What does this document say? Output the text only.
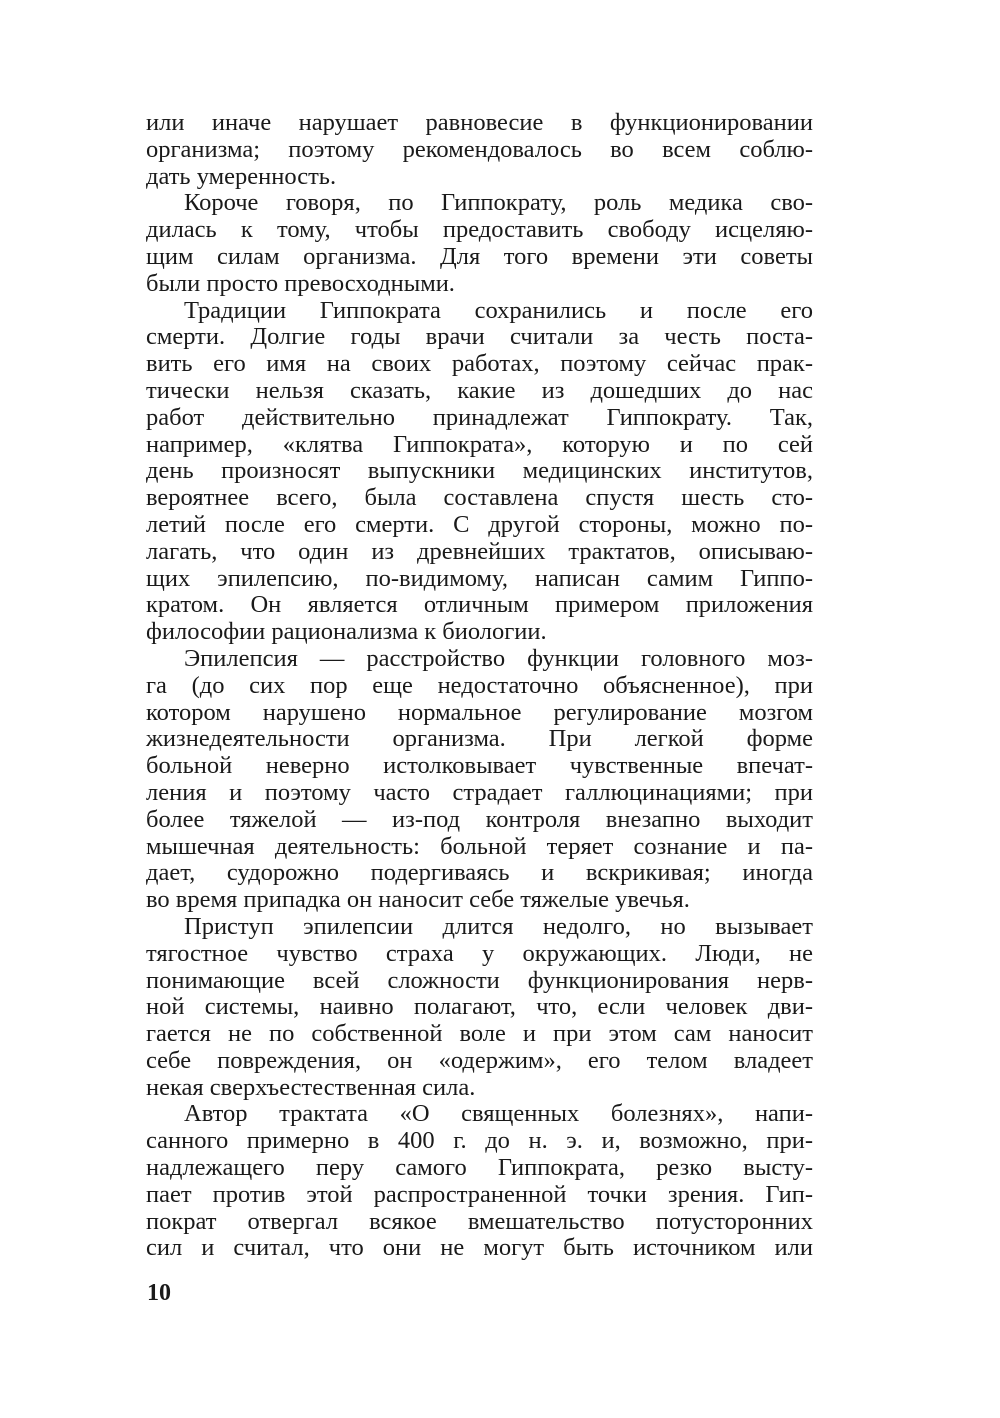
или иначе нарушает равновесие в функционировании
организма; поэтому рекомендовалось во всем соблю-
дать умеренность.
Короче говоря, по Гиппократу, роль медика сво-
дилась к тому, чтобы предоставить свободу исцеляю-
щим силам организма. Для того времени эти советы
были просто превосходными.
Традиции Гиппократа сохранились и после его
смерти. Долгие годы врачи считали за честь поста-
вить его имя на своих работах, поэтому сейчас прак-
тически нельзя сказать, какие из дошедших до нас
работ действительно принадлежат Гиппократу. Так,
например, «клятва Гиппократа», которую и по сей
день произносят выпускники медицинских институтов,
вероятнее всего, была составлена спустя шесть сто-
летий после его смерти. С другой стороны, можно по-
лагать, что один из древнейших трактатов, описываю-
щих эпилепсию, по-видимому, написан самим Гиппо-
кратом. Он является отличным примером приложения
философии рационализма к биологии.
Эпилепсия — расстройство функции головного моз-
га (до сих пор еще недостаточно объясненное), при
котором нарушено нормальное регулирование мозгом
жизнедеятельности организма. При легкой форме
больной неверно истолковывает чувственные впечат-
ления и поэтому часто страдает галлюцинациями; при
более тяжелой — из-под контроля внезапно выходит
мышечная деятельность: больной теряет сознание и па-
дает, судорожно подергиваясь и вскрикивая; иногда
во время припадка он наносит себе тяжелые увечья.
Приступ эпилепсии длится недолго, но вызывает
тягостное чувство страха у окружающих. Люди, не
понимающие всей сложности функционирования нерв-
ной системы, наивно полагают, что, если человек дви-
гается не по собственной воле и при этом сам наносит
себе повреждения, он «одержим», его телом владеет
некая сверхъестественная сила.
Автор трактата «О священных болезнях», напи-
санного примерно в 400 г. до н. э. и, возможно, при-
надлежащего перу самого Гиппократа, резко высту-
пает против этой распространенной точки зрения. Гип-
пократ отвергал всякое вмешательство потусторонних
сил и считал, что они не могут быть источником или
10
